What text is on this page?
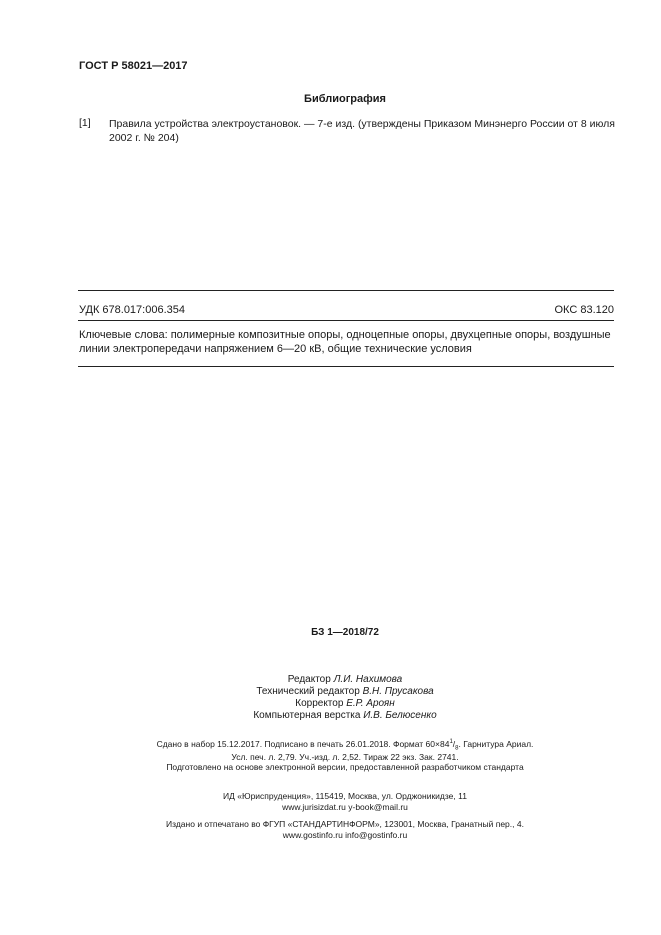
ГОСТ Р 58021—2017
Библиография
[1] Правила устройства электроустановок. — 7-е изд. (утверждены Приказом Минэнерго России от 8 июля 2002 г. № 204)
УДК 678.017:006.354	ОКС 83.120
Ключевые слова: полимерные композитные опоры, одноцепные опоры, двухцепные опоры, воздушные линии электропередачи напряжением 6—20 кВ, общие технические условия
БЗ 1—2018/72
Редактор Л.И. Нахимова
Технический редактор В.Н. Прусакова
Корректор Е.Р. Ароян
Компьютерная верстка И.В. Белюсенко
Сдано в набор 15.12.2017. Подписано в печать 26.01.2018. Формат $60\times 84^1/_8$. Гарнитура Ариал.
Усл. печ. л. 2,79. Уч.-изд. л. 2,52. Тираж 22 экз. Зак. 2741.
Подготовлено на основе электронной версии, предоставленной разработчиком стандарта
ИД «Юриспруденция», 115419, Москва, ул. Орджоникидзе, 11
www.jurisizdat.ru y-book@mail.ru
Издано и отпечатано во ФГУП «СТАНДАРТИНФОРМ», 123001, Москва, Гранатный пер., 4.
www.gostinfo.ru info@gostinfo.ru
